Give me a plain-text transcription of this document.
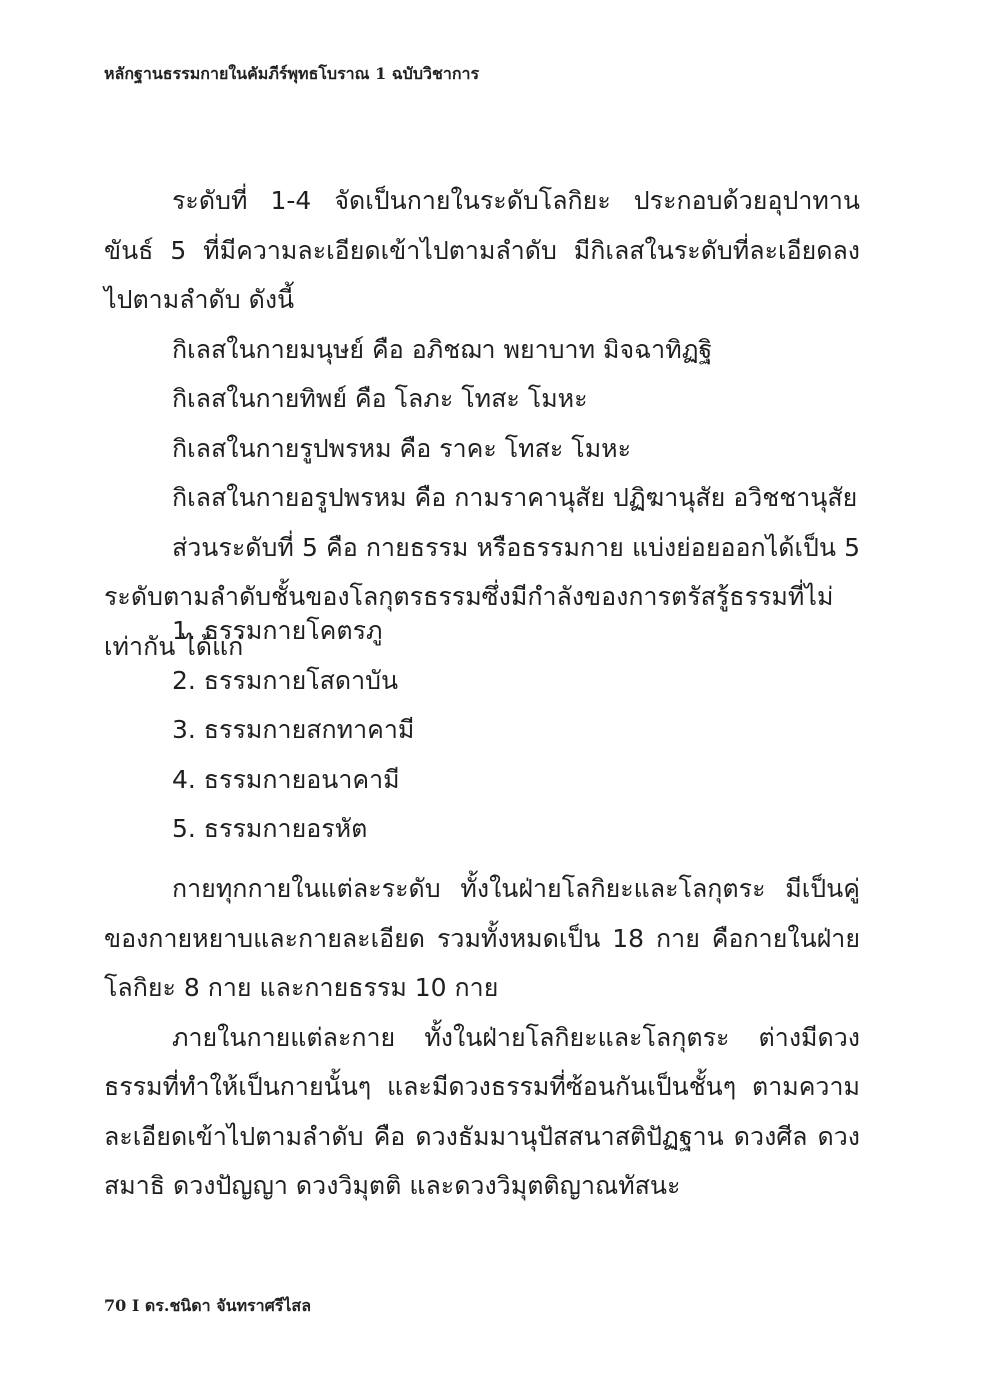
หลักฐานธรรมกายในคัมภีร์พุทธโบราณ 1 ฉบับวิชาการ

ระดับที่ 1-4 จัดเป็นกายในระดับโลกิยะ ประกอบด้วยอุปาทานขันธ์ 5 ที่มีความละเอียดเข้าไปตามลำดับ มีกิเลสในระดับที่ละเอียดลงไปตามลำดับ ดังนี้

กิเลสในกายมนุษย์ คือ อภิชฌา พยาบาท มิจฉาทิฏฐิ

กิเลสในกายทิพย์ คือ โลภะ โทสะ โมหะ

กิเลสในกายรูปพรหม คือ ราคะ โทสะ โมหะ

กิเลสในกายอรูปพรหม คือ กามราคานุสัย ปฏิฆานุสัย อวิชชานุสัย

ส่วนระดับที่ 5 คือ กายธรรม หรือธรรมกาย แบ่งย่อยออกได้เป็น 5 ระดับตามลำดับชั้นของโลกุตรธรรมซึ่งมีกำลังของการตรัสรู้ธรรมที่ไม่เท่ากัน ได้แก่

1. ธรรมกายโคตรภู

2. ธรรมกายโสดาบัน

3. ธรรมกายสกทาคามี

4. ธรรมกายอนาคามี

5. ธรรมกายอรหัต

กายทุกกายในแต่ละระดับ ทั้งในฝ่ายโลกิยะและโลกุตระ มีเป็นคู่ของกายหยาบและกายละเอียด รวมทั้งหมดเป็น 18 กาย คือกายในฝ่ายโลกิยะ 8 กาย และกายธรรม 10 กาย

ภายในกายแต่ละกาย ทั้งในฝ่ายโลกิยะและโลกุตระ ต่างมีดวงธรรมที่ทำให้เป็นกายนั้นๆ และมีดวงธรรมที่ซ้อนกันเป็นชั้นๆ ตามความละเอียดเข้าไปตามลำดับ คือ ดวงธัมมานุปัสสนาสติปัฏฐาน ดวงศีล ดวงสมาธิ ดวงปัญญา ดวงวิมุตติ และดวงวิมุตติญาณทัสนะ

70 I ดร.ชนิดา จันทราศรีไสล
